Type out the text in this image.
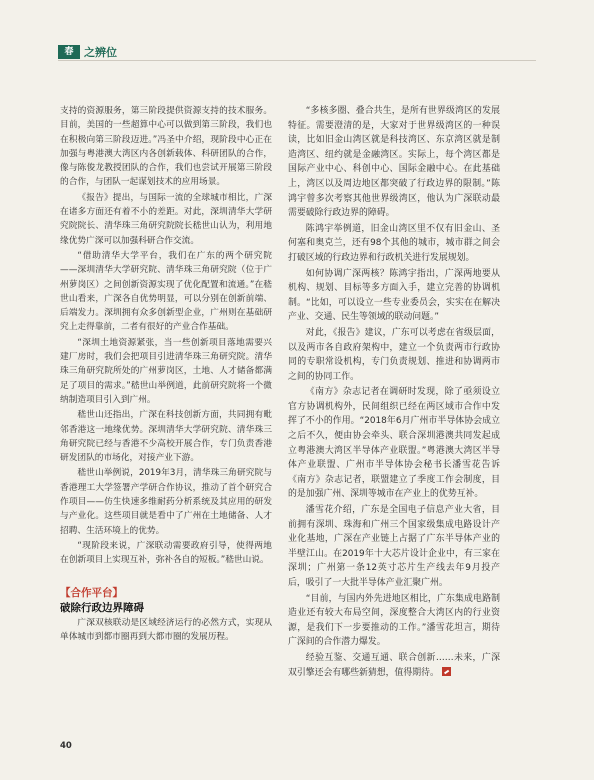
春 之辨位

支持的资源服务，第三阶段提供资源支持的技术服务。目前，美国的一些超算中心可以做到第三阶段，我们也在积极向第三阶段迈进。”冯圣中介绍，现阶段中心正在加强与粤港澳大湾区内各创新载体、科研团队的合作，像与陈俊龙教授团队的合作，我们也尝试开展第三阶段的合作，与团队一起谋划技术的应用场景。

《报告》提出，与国际一流的全球城市相比，广深在诸多方面还有着不小的差距。对此，深圳清华大学研究院院长、清华珠三角研究院院长嵇世山认为，利用地缘优势广深可以加强科研合作交流。

“借助清华大学平台，我们在广东的两个研究院——深圳清华大学研究院、清华珠三角研究院（位于广州萝岗区）之间创新资源实现了优化配置和流通。”在嵇世山看来，广深各自优势明显，可以分别在创新前端、后端发力。深圳拥有众多创新型企业，广州则在基础研究上走得靠前，二者有很好的产业合作基础。

“深圳土地资源紧张，当一些创新项目落地需要兴建厂房时，我们会把项目引进清华珠三角研究院。清华珠三角研究院所处的广州萝岗区，土地、人才储备都满足了项目的需求。”嵇世山举例道，此前研究院将一个微纳制造项目引入到广州。

嵇世山还指出，广深在科技创新方面，共同拥有毗邻香港这一地缘优势。深圳清华大学研究院、清华珠三角研究院已经与香港不少高校开展合作，专门负责香港研发团队的市场化，对接产业下游。

嵇世山举例说，2019年3月，清华珠三角研究院与香港理工大学签署产学研合作协议，推动了首个研究合作项目——仿生快速多维耐药分析系统及其应用的研发与产业化。这些项目就是看中了广州在土地储备、人才招聘、生活环境上的优势。

“现阶段来说，广深联动需要政府引导，使得两地在创新项目上实现互补，弥补各自的短板。”嵇世山说。

【合作平台】
破除行政边界障碍

广深双核联动是区域经济运行的必然方式，实现从单体城市到都市圈再到大都市圈的发展历程。

“多核多圈、叠合共生，是所有世界级湾区的发展特征。需要澄清的是，大家对于世界级湾区的一种误读，比如旧金山湾区就是科技湾区、东京湾区就是制造湾区、纽约就是金融湾区。实际上，每个湾区都是国际产业中心、科创中心、国际金融中心。在此基础上，湾区以及周边地区都突破了行政边界的限制。”陈鸿宇曾多次考察其他世界级湾区，他认为广深联动最需要破除行政边界的障碍。

陈鸿宇举例道，旧金山湾区里不仅有旧金山、圣何塞和奥克兰，还有98个其他的城市，城市群之间会打破区域的行政边界和行政机关进行发展规划。

如何协调广深两核？陈鸿宇指出，广深两地要从机构、规划、目标等多方面入手，建立完善的协调机制。“比如，可以设立一些专业委员会，实实在在解决产业、交通、民生等领域的联动问题。”

对此，《报告》建议，广东可以考虑在省级层面，以及两市各自政府架构中，建立一个负责两市行政协同的专职常设机构，专门负责规划、推进和协调两市之间的协同工作。

《南方》杂志记者在调研时发现，除了亟须设立官方协调机构外，民间组织已经在两区域市合作中发挥了不小的作用。“2018年6月广州市半导体协会成立之后不久，便由协会牵头、联合深圳港澳共同发起成立粤港澳大湾区半导体产业联盟。”粤港澳大湾区半导体产业联盟、广州市半导体协会秘书长潘雪花告诉《南方》杂志记者，联盟建立了季度工作会制度，目的是加强广州、深圳等城市在产业上的优势互补。

潘雪花介绍，广东是全国电子信息产业大省，目前拥有深圳、珠海和广州三个国家级集成电路设计产业化基地，广深在产业链上占据了广东半导体产业的半壁江山。在2019年十大芯片设计企业中，有三家在深圳；广州第一条12英寸芯片生产线去年9月投产后，吸引了一大批半导体产业汇聚广州。

“目前，与国内外先进地区相比，广东集成电路制造业还有较大布局空间，深度整合大湾区内的行业资源，是我们下一步要推动的工作。”潘雪花坦言，期待广深间的合作潜力爆发。

经验互鉴、交通互通、联合创新……未来，广深双引擎还会有哪些新猜想，值得期待。

40
